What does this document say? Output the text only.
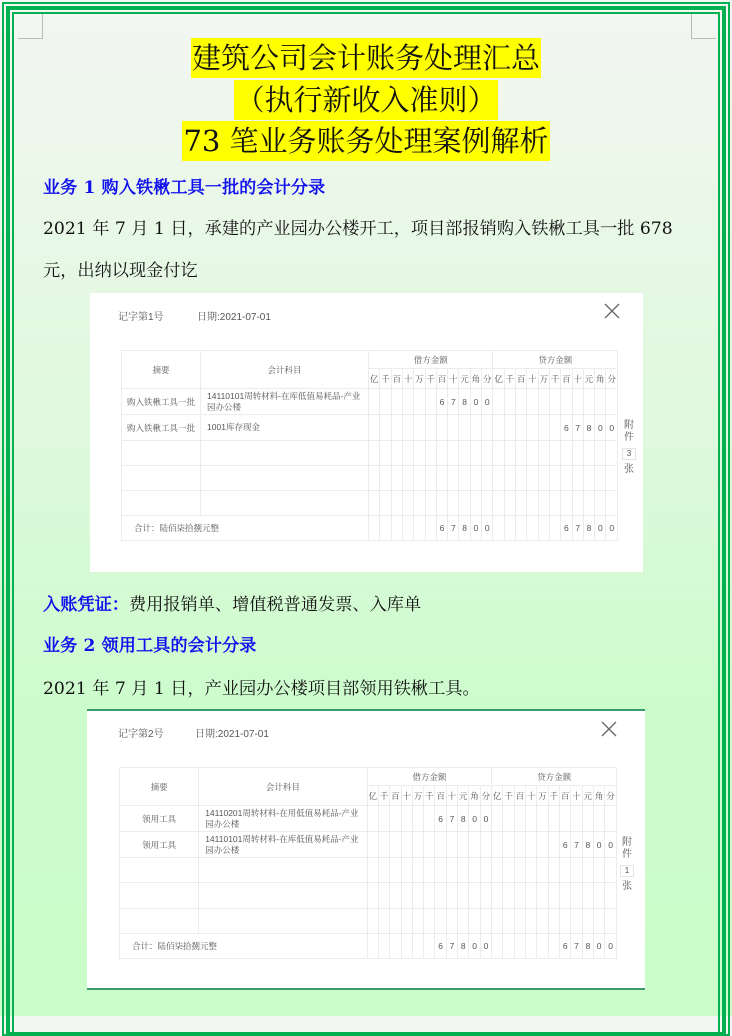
建筑公司会计账务处理汇总
（执行新收入准则）
73 笔业务账务处理案例解析
业务 1 购入铁楸工具一批的会计分录
2021 年 7 月 1 日，承建的产业园办公楼开工，项目部报销购入铁楸工具一批 678
元，出纳以现金付讫
记字第1号	日期:2021-07-01
摘要	会计科目	借方金额											贷方金额										
		亿	千	百	十	万	千	百	十	元	角	分	亿	千	百	十	万	千	百	十	元	角	分
购入铁楸工具一批	14110101周转材料-在库低值易耗品-产业园办公楼							6	7	8	0	0											
购入铁楸工具一批	1001库存现金																		6	7	8	0	0

合计：陆佰柒拾捌元整								6	7	8	0	0							6	7	8	0	0
附
件
3
张
入账凭证：费用报销单、增值税普通发票、入库单
业务 2 领用工具的会计分录
2021 年 7 月 1 日，产业园办公楼项目部领用铁楸工具。
记字第2号	日期:2021-07-01
摘要	会计科目	借方金额											贷方金额										
		亿	千	百	十	万	千	百	十	元	角	分	亿	千	百	十	万	千	百	十	元	角	分
领用工具	14110201周转材料-在用低值易耗品-产业园办公楼							6	7	8	0	0											
领用工具	14110101周转材料-在库低值易耗品-产业园办公楼																		6	7	8	0	0

合计：陆佰柒拾捌元整								6	7	8	0	0							6	7	8	0	0
附
件
1
张
